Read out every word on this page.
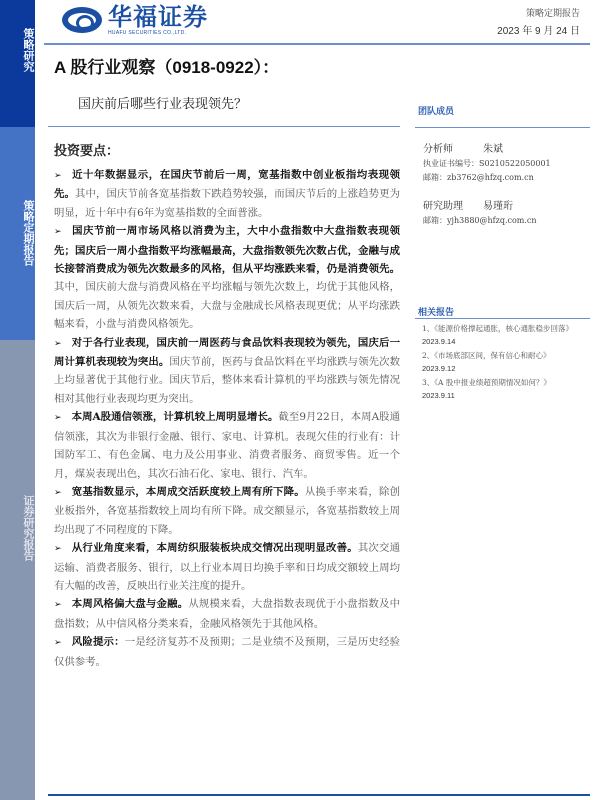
策略研究
策略定期报告
证券研究报告
华福证券
HUAFU SECURITIES CO.,LTD.
策略定期报告
2023 年 9 月 24 日
A 股行业观察（0918-0922）：
国庆前后哪些行业表现领先？	团队成员
投资要点：

➢ 近十年数据显示，在国庆节前后一周，宽基指数中创业板指均表现领先。其中，国庆节前各宽基指数下跌趋势较强，而国庆节后的上涨趋势更为明显，近十年中有6年为宽基指数的全面普涨。

➢ 国庆节前一周市场风格以消费为主，大中小盘指数中大盘指数表现领先；国庆后一周小盘指数平均涨幅最高，大盘指数领先次数占优，金融与成长接替消费成为领先次数最多的风格，但从平均涨跌来看，仍是消费领先。其中，国庆前大盘与消费风格在平均涨幅与领先次数上，均优于其他风格，国庆后一周，从领先次数来看，大盘与金融成长风格表现更优；从平均涨跌幅来看，小盘与消费风格领先。

➢ 对于各行业表现，国庆前一周医药与食品饮料表现较为领先，国庆后一周计算机表现较为突出。国庆节前，医药与食品饮料在平均涨跌与领先次数上均显著优于其他行业。国庆节后，整体来看计算机的平均涨跌与领先情况相对其他行业表现均更为突出。

➢ 本周A股通信领涨，计算机较上周明显增长。截至9月22日，本周A股通信领涨，其次为非银行金融、银行、家电、计算机。表现欠佳的行业有：计国防军工、有色金属、电力及公用事业、消费者服务、商贸零售。近一个月，煤炭表现出色，其次石油石化、家电、银行、汽车。

➢ 宽基指数显示，本周成交活跃度较上周有所下降。从换手率来看，除创业板指外，各宽基指数较上周均有所下降。成交额显示，各宽基指数较上周均出现了不同程度的下降。

➢ 从行业角度来看，本周纺织服装板块成交情况出现明显改善。其次交通运输、消费者服务、银行，以上行业本周日均换手率和日均成交额较上周均有大幅的改善，反映出行业关注度的提升。

➢ 本周风格偏大盘与金融。从规模来看，大盘指数表现优于小盘指数及中盘指数；从中信风格分类来看，金融风格领先于其他风格。

➢ 风险提示：一是经济复苏不及预期；二是业绩不及预期，三是历史经验仅供参考。

分析师	朱斌
执业证书编号：S0210522050001
邮箱：zb3762@hfzq.com.cn
研究助理 易瑾珩
邮箱：yjh3880@hfzq.com.cn
相关报告
1、《能源价格撑起通胀，核心通胀稳步回落》
2023.9.14
2、《市场底部区间，保有信心和耐心》
2023.9.12
3、《A 股中报业绩超预期情况如何？》
2023.9.11
